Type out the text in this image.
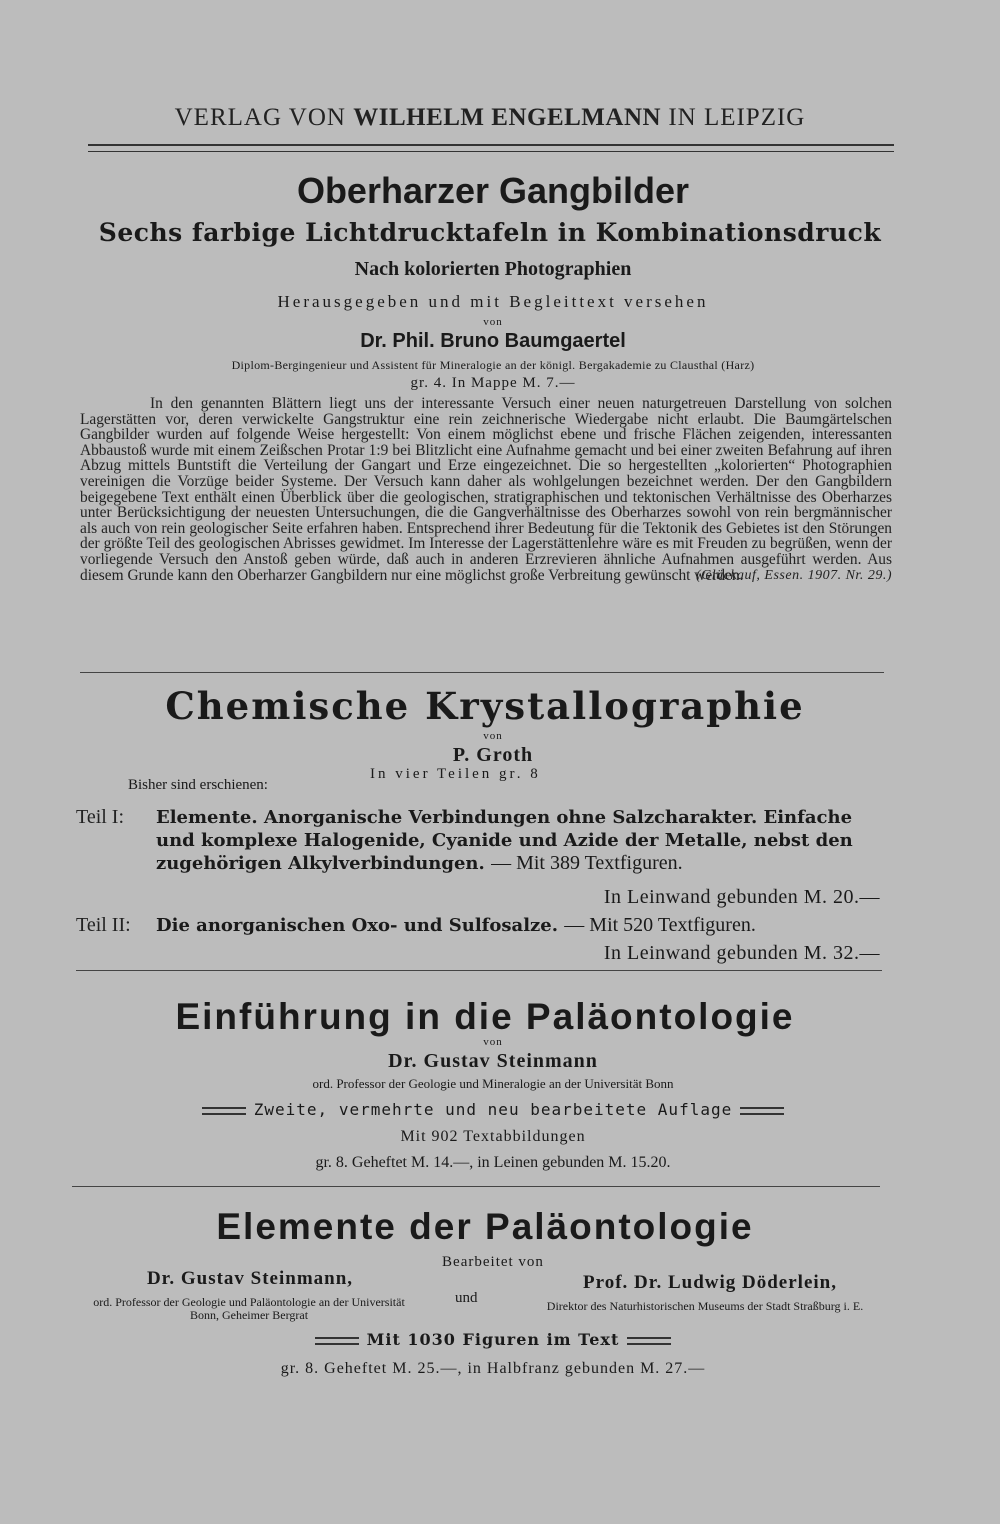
VERLAG VON WILHELM ENGELMANN IN LEIPZIG
Oberharzer Gangbilder
Sechs farbige Lichtdrucktafeln in Kombinationsdruck
Nach kolorierten Photographien
Herausgegeben und mit Begleittext versehen
von
Dr. Phil. Bruno Baumgaertel
Diplom-Bergingenieur und Assistent für Mineralogie an der königl. Bergakademie zu Clausthal (Harz)
gr. 4. In Mappe M. 7.—

In den genannten Blättern liegt uns der interessante Versuch einer neuen naturgetreuen Darstellung von solchen Lagerstätten vor, deren verwickelte Gangstruktur eine rein zeichnerische Wiedergabe nicht erlaubt. Die Baumgärtelschen Gangbilder wurden auf folgende Weise hergestellt: Von einem möglichst ebene und frische Flächen zeigenden, interessanten Abbaustoß wurde mit einem Zeißschen Protar 1:9 bei Blitzlicht eine Aufnahme gemacht und bei einer zweiten Befahrung auf ihren Abzug mittels Buntstift die Verteilung der Gangart und Erze eingezeichnet. Die so hergestellten „kolorierten“ Photographien vereinigen die Vorzüge beider Systeme. Der Versuch kann daher als wohlgelungen bezeichnet werden. Der den Gangbildern beigegebene Text enthält einen Überblick über die geologischen, stratigraphischen und tektonischen Verhältnisse des Oberharzes unter Berücksichtigung der neuesten Untersuchungen, die die Gangverhältnisse des Oberharzes sowohl von rein bergmännischer als auch von rein geologischer Seite erfahren haben. Entsprechend ihrer Bedeutung für die Tektonik des Gebietes ist den Störungen der größte Teil des geologischen Abrisses gewidmet. Im Interesse der Lagerstättenlehre wäre es mit Freuden zu begrüßen, wenn der vorliegende Versuch den Anstoß geben würde, daß auch in anderen Erzrevieren ähnliche Aufnahmen ausgeführt werden. Aus diesem Grunde kann den Oberharzer Gangbildern nur eine möglichst große Verbreitung gewünscht werden.

(Glückauf, Essen. 1907. Nr. 29.)
Chemische Krystallographie
von
P. Groth
Bisher sind erschienen:
In vier Teilen gr. 8
Teil I: Elemente. Anorganische Verbindungen ohne Salzcharakter. Einfache und komplexe Halogenide, Cyanide und Azide der Metalle, nebst den zugehörigen Alkylverbindungen. — Mit 389 Textfiguren.
In Leinwand gebunden M. 20.—
Teil II: Die anorganischen Oxo- und Sulfosalze. — Mit 520 Textfiguren.
In Leinwand gebunden M. 32.—
Einführung in die Paläontologie
von
Dr. Gustav Steinmann
ord. Professor der Geologie und Mineralogie an der Universität Bonn
Zweite, vermehrte und neu bearbeitete Auflage
Mit 902 Textabbildungen
gr. 8. Geheftet M. 14.—, in Leinen gebunden M. 15.20.
Elemente der Paläontologie
Bearbeitet von
Dr. Gustav Steinmann,
ord. Professor der Geologie und Paläontologie an der Universität Bonn, Geheimer Bergrat
und
Prof. Dr. Ludwig Döderlein,
Direktor des Naturhistorischen Museums der Stadt Straßburg i. E.
Mit 1030 Figuren im Text
gr. 8. Geheftet M. 25.—, in Halbfranz gebunden M. 27.—
